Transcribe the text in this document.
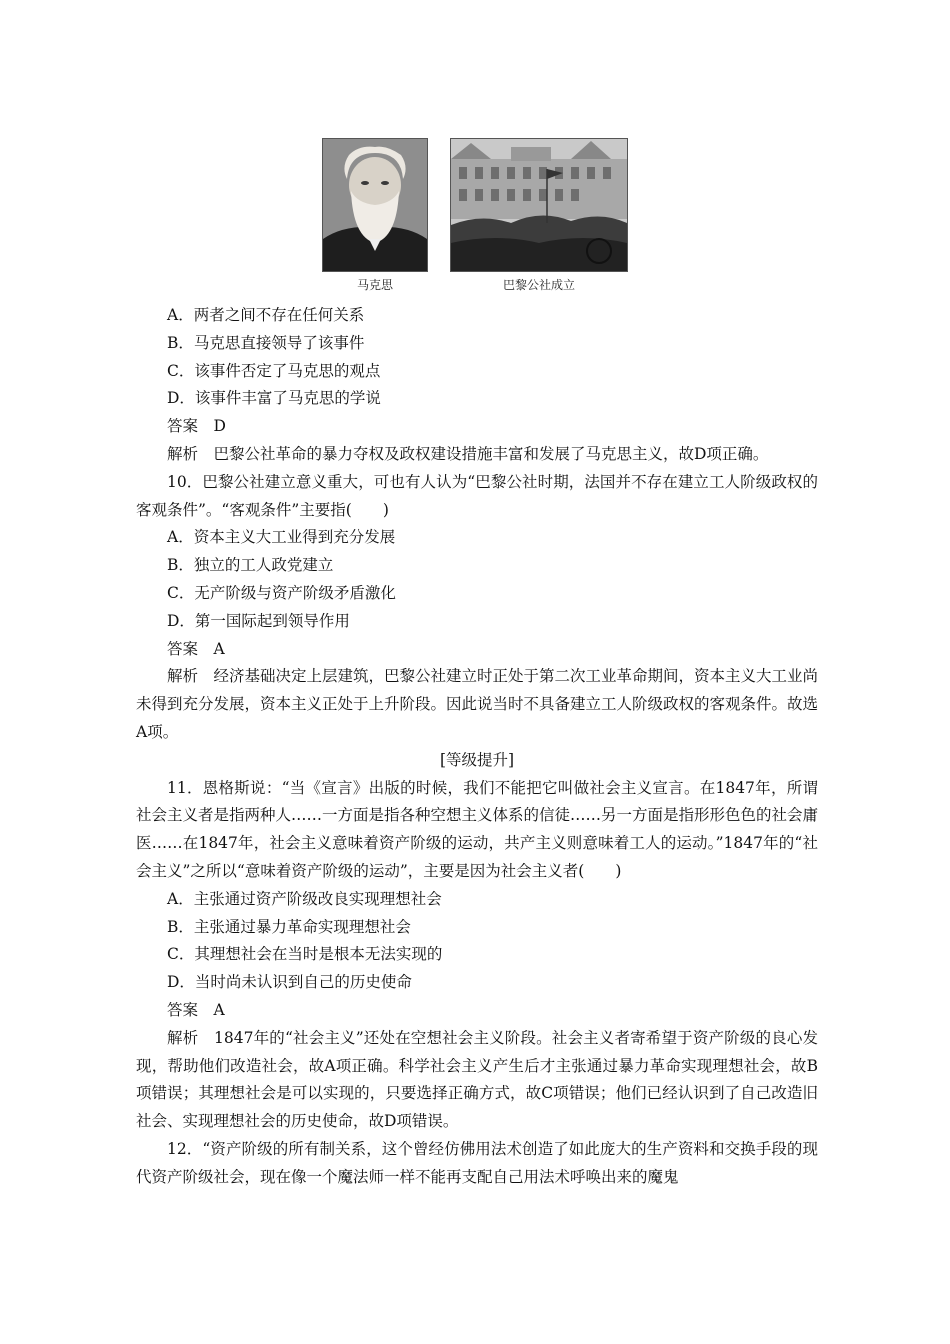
马克思	巴黎公社成立

A．两者之间不存在任何关系

B．马克思直接领导了该事件

C．该事件否定了马克思的观点

D．该事件丰富了马克思的学说

答案　D

解析　巴黎公社革命的暴力夺权及政权建设措施丰富和发展了马克思主义，故D项正确。

10．巴黎公社建立意义重大，可也有人认为“巴黎公社时期，法国并不存在建立工人阶级政权的客观条件”。“客观条件”主要指(　　)

A．资本主义大工业得到充分发展

B．独立的工人政党建立

C．无产阶级与资产阶级矛盾激化

D．第一国际起到领导作用

答案　A

解析　经济基础决定上层建筑，巴黎公社建立时正处于第二次工业革命期间，资本主义大工业尚未得到充分发展，资本主义正处于上升阶段。因此说当时不具备建立工人阶级政权的客观条件。故选A项。

[等级提升]

11．恩格斯说：“当《宣言》出版的时候，我们不能把它叫做社会主义宣言。在1847年，所谓社会主义者是指两种人……一方面是指各种空想主义体系的信徒……另一方面是指形形色色的社会庸医……在1847年，社会主义意味着资产阶级的运动，共产主义则意味着工人的运动。”1847年的“社会主义”之所以“意味着资产阶级的运动”，主要是因为社会主义者(　　)

A．主张通过资产阶级改良实现理想社会

B．主张通过暴力革命实现理想社会

C．其理想社会在当时是根本无法实现的

D．当时尚未认识到自己的历史使命

答案　A

解析　1847年的“社会主义”还处在空想社会主义阶段。社会主义者寄希望于资产阶级的良心发现，帮助他们改造社会，故A项正确。科学社会主义产生后才主张通过暴力革命实现理想社会，故B项错误；其理想社会是可以实现的，只要选择正确方式，故C项错误；他们已经认识到了自己改造旧社会、实现理想社会的历史使命，故D项错误。

12．“资产阶级的所有制关系，这个曾经仿佛用法术创造了如此庞大的生产资料和交换手段的现代资产阶级社会，现在像一个魔法师一样不能再支配自己用法术呼唤出来的魔鬼
